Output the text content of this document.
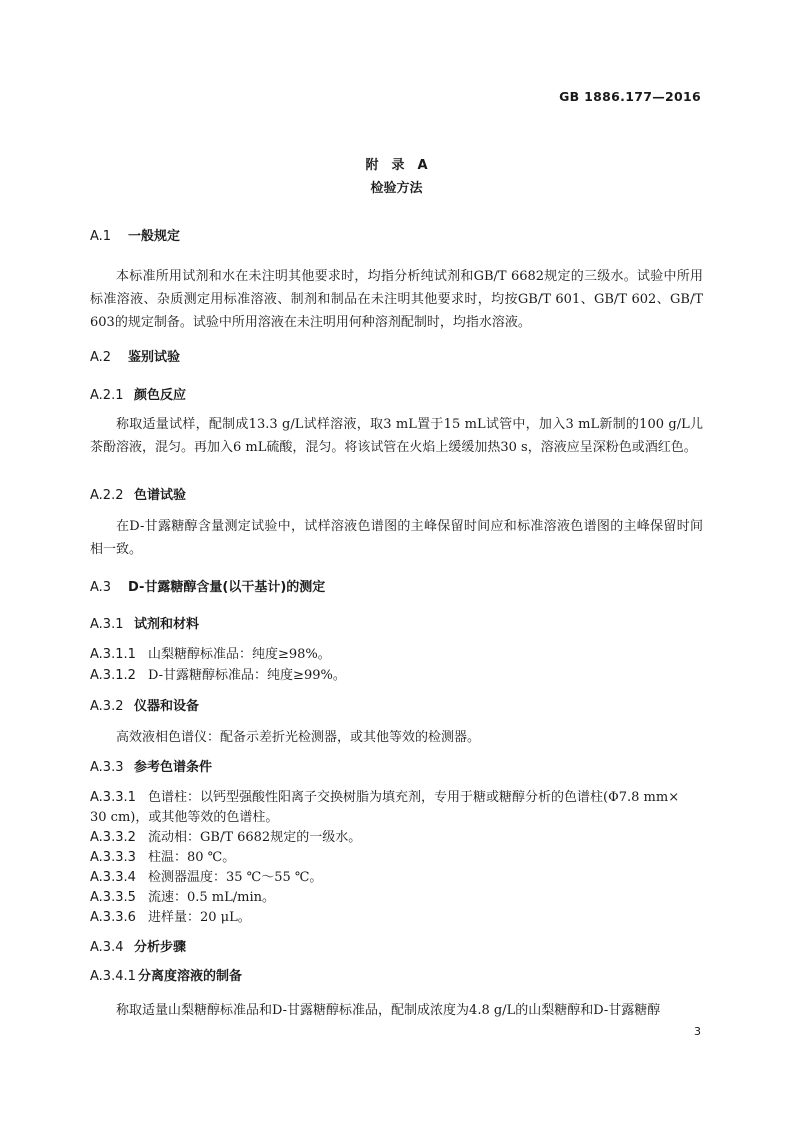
GB 1886.177—2016
附　录　A
检验方法
A.1 一般规定
本标准所用试剂和水在未注明其他要求时，均指分析纯试剂和GB/T 6682规定的三级水。试验中所用标准溶液、杂质测定用标准溶液、制剂和制品在未注明其他要求时，均按GB/T 601、GB/T 602、GB/T 603的规定制备。试验中所用溶液在未注明用何种溶剂配制时，均指水溶液。
A.2 鉴别试验
A.2.1 颜色反应
称取适量试样，配制成13.3 g/L试样溶液，取3 mL置于15 mL试管中，加入3 mL新制的100 g/L儿茶酚溶液，混匀。再加入6 mL硫酸，混匀。将该试管在火焰上缓缓加热30 s，溶液应呈深粉色或酒红色。
A.2.2 色谱试验
在D-甘露糖醇含量测定试验中，试样溶液色谱图的主峰保留时间应和标准溶液色谱图的主峰保留时间相一致。
A.3 D-甘露糖醇含量(以干基计)的测定
A.3.1 试剂和材料
A.3.1.1 山梨糖醇标准品：纯度≥98%。
A.3.1.2 D-甘露糖醇标准品：纯度≥99%。
A.3.2 仪器和设备
高效液相色谱仪：配备示差折光检测器，或其他等效的检测器。
A.3.3 参考色谱条件
A.3.3.1 色谱柱：以钙型强酸性阳离子交换树脂为填充剂，专用于糖或糖醇分析的色谱柱(Φ7.8 mm×
30 cm)，或其他等效的色谱柱。
A.3.3.2 流动相：GB/T 6682规定的一级水。
A.3.3.3 柱温：80 ℃。
A.3.3.4 检测器温度：35 ℃～55 ℃。
A.3.3.5 流速：0.5 mL/min。
A.3.3.6 进样量：20 μL。
A.3.4 分析步骤
A.3.4.1 分离度溶液的制备
称取适量山梨糖醇标准品和D-甘露糖醇标准品，配制成浓度为4.8 g/L的山梨糖醇和D-甘露糖醇
3
